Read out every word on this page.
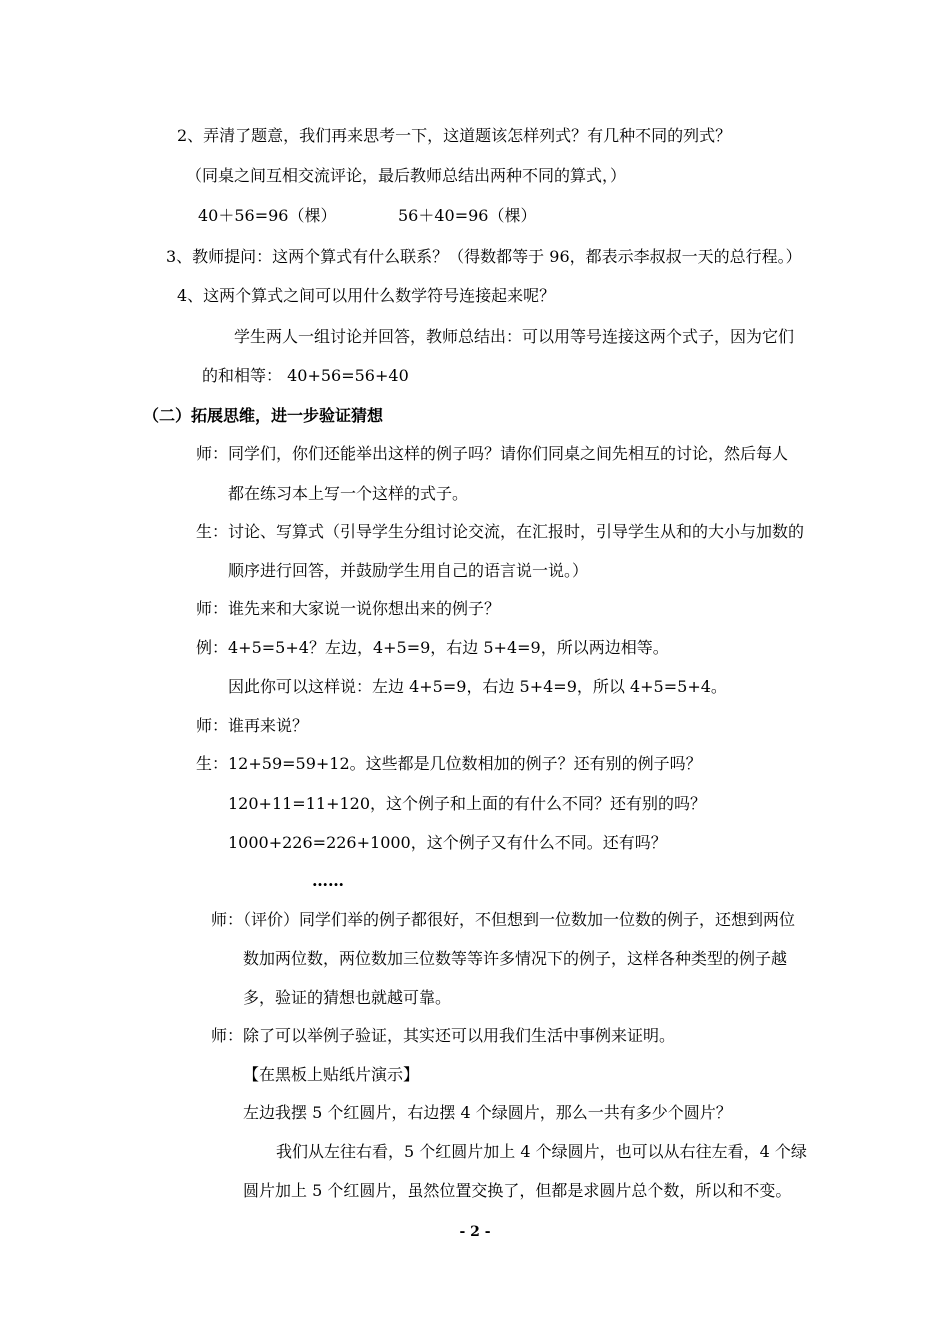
2、弄清了题意，我们再来思考一下，这道题该怎样列式？有几种不同的列式？
（同桌之间互相交流评论，最后教师总结出两种不同的算式，）
40＋56=96（棵）	56＋40=96（棵）
3、教师提问：这两个算式有什么联系？（得数都等于 96，都表示李叔叔一天的总行程。）
4、这两个算式之间可以用什么数学符号连接起来呢？
学生两人一组讨论并回答，教师总结出：可以用等号连接这两个式子，因为它们
的和相等： 40+56=56+40
（二）拓展思维，进一步验证猜想
师：同学们，你们还能举出这样的例子吗？请你们同桌之间先相互的讨论，然后每人
都在练习本上写一个这样的式子。
生：讨论、写算式（引导学生分组讨论交流，在汇报时，引导学生从和的大小与加数的
顺序进行回答，并鼓励学生用自己的语言说一说。）
师：谁先来和大家说一说你想出来的例子？
例：4+5=5+4？左边，4+5=9，右边 5+4=9，所以两边相等。
因此你可以这样说：左边 4+5=9，右边 5+4=9，所以 4+5=5+4。
师：谁再来说？
生：12+59=59+12。这些都是几位数相加的例子？还有别的例子吗？
120+11=11+120，这个例子和上面的有什么不同？还有别的吗？
1000+226=226+1000，这个例子又有什么不同。还有吗？
……
师：（评价）同学们举的例子都很好，不但想到一位数加一位数的例子，还想到两位
数加两位数，两位数加三位数等等许多情况下的例子，这样各种类型的例子越
多，验证的猜想也就越可靠。
师：除了可以举例子验证，其实还可以用我们生活中事例来证明。
【在黑板上贴纸片演示】
左边我摆 5 个红圆片，右边摆 4 个绿圆片，那么一共有多少个圆片？
我们从左往右看，5 个红圆片加上 4 个绿圆片，也可以从右往左看，4 个绿
圆片加上 5 个红圆片，虽然位置交换了，但都是求圆片总个数，所以和不变。
- 2 -
